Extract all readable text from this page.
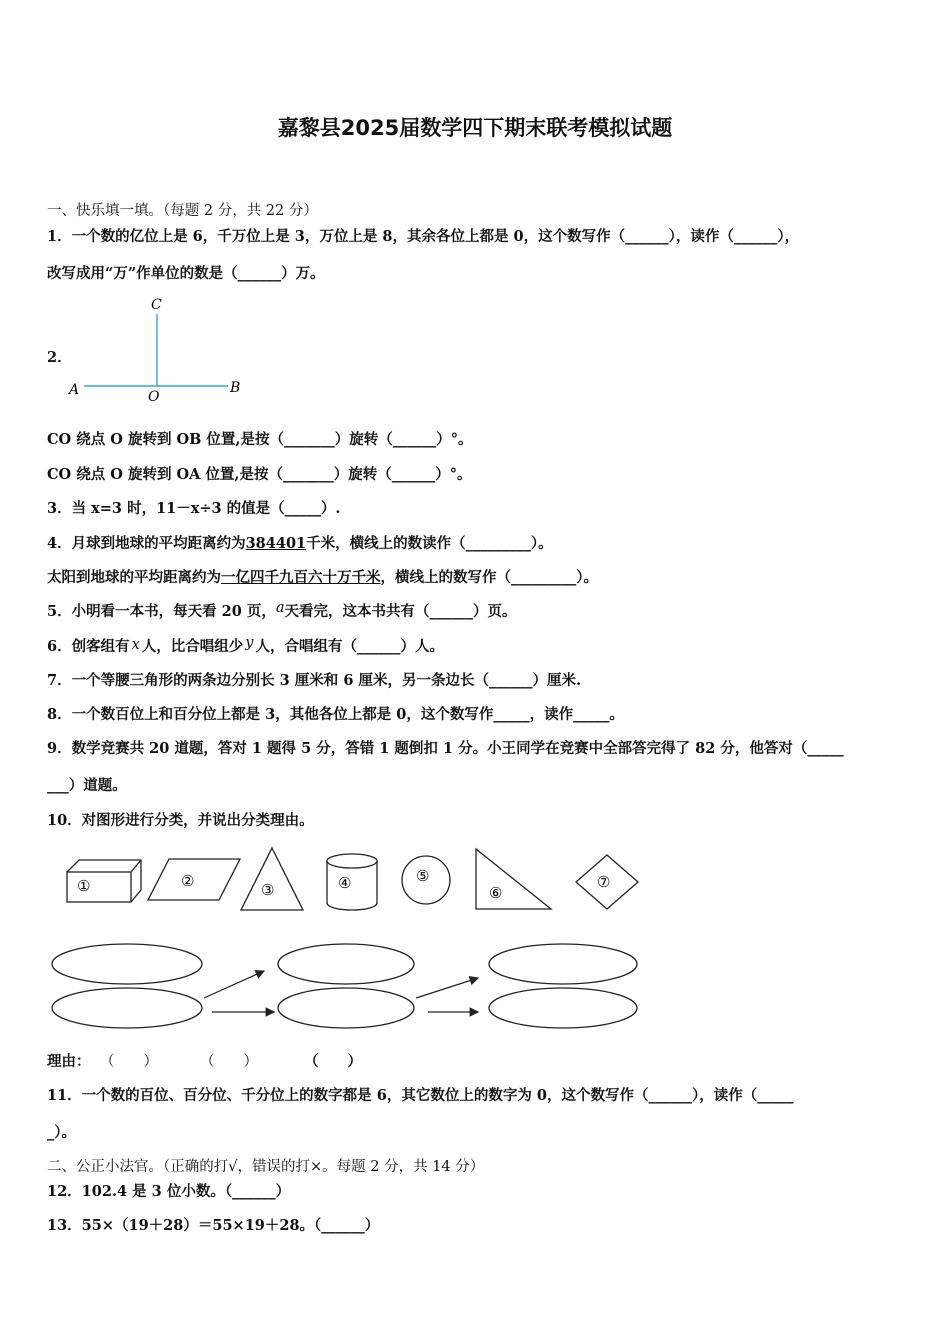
嘉黎县2025届数学四下期末联考模拟试题
一、快乐填一填。（每题 2 分，共 22 分）
1．一个数的亿位上是 6，千万位上是 3，万位上是 8，其余各位上都是 0，这个数写作（______），读作（______），
改写成用“万”作单位的数是（______）万。
2．
C
A	O
B
CO 绕点 O 旋转到 OB 位置,是按（_______）旋转（______）°。
CO 绕点 O 旋转到 OA 位置,是按（_______）旋转（______）°。
3．当 x=3 时，11－x÷3 的值是（_____）.
4．月球到地球的平均距离约为384401千米，横线上的数读作（_________）。
太阳到地球的平均距离约为一亿四千九百六十万千米，横线上的数写作（_________）。
5．小明看一本书，每天看 20 页，a天看完，这本书共有（______）页。
6．创客组有 x 人，比合唱组少 y 人，合唱组有（______）人。
7．一个等腰三角形的两条边分别长 3 厘米和 6 厘米，另一条边长（______）厘米.
8．一个数百位上和百分位上都是 3，其他各位上都是 0，这个数写作_____，读作_____。
9．数学竞赛共 20 道题，答对 1 题得 5 分，答错 1 题倒扣 1 分。小王同学在竞赛中全部答完得了 82 分，他答对（_____
___）道题。
10．对图形进行分类，并说出分类理由。
①	②	③	④	⑤
⑥
⑦
理由： （　　）	（　　）	（　　）
11．一个数的百位、百分位、千分位上的数字都是 6，其它数位上的数字为 0，这个数写作（______），读作（_____
_）。
二、公正小法官。（正确的打√，错误的打×。每题 2 分，共 14 分）
12．102.4 是 3 位小数。（______）
13．55×（19＋28）＝55×19＋28。（______）
